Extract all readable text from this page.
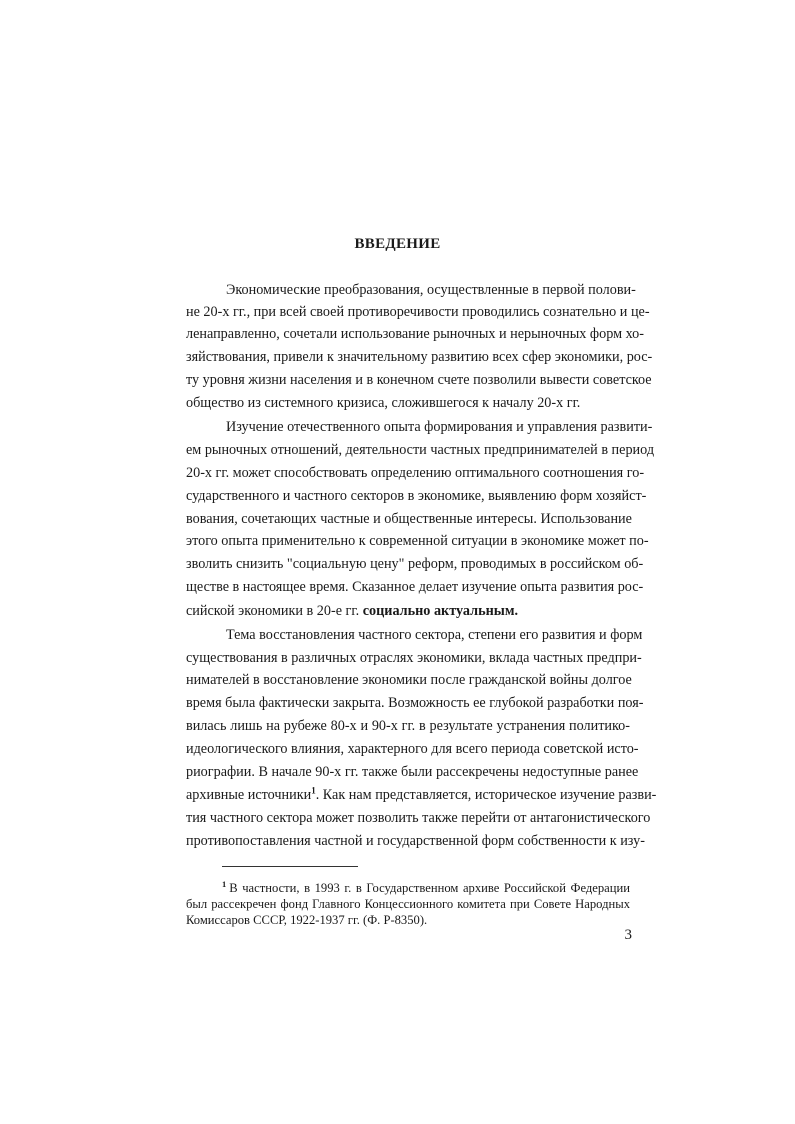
ВВЕДЕНИЕ
Экономические преобразования, осуществленные в первой полови-
не 20-х гг., при всей своей противоречивости проводились сознательно и це-
ленаправленно, сочетали использование рыночных и нерыночных форм хо-
зяйствования, привели к значительному развитию всех сфер экономики, рос-
ту уровня жизни населения и в конечном счете позволили вывести советское
общество из системного кризиса, сложившегося к началу 20-х гг.
Изучение отечественного опыта формирования и управления развити-
ем рыночных отношений, деятельности частных предпринимателей в период
20-х гг. может способствовать определению оптимального соотношения го-
сударственного и частного секторов в экономике, выявлению форм хозяйст-
вования, сочетающих частные и общественные интересы. Использование
этого опыта применительно к современной ситуации в экономике может по-
зволить снизить "социальную цену" реформ, проводимых в российском об-
ществе в настоящее время. Сказанное делает изучение опыта развития рос-
сийской экономики в 20-е гг. социально актуальным.
Тема восстановления частного сектора, степени его развития и форм
существования в различных отраслях экономики, вклада частных предпри-
нимателей в восстановление экономики после гражданской войны долгое
время была фактически закрыта. Возможность ее глубокой разработки поя-
вилась лишь на рубеже 80-х и 90-х гг. в результате устранения политико-
идеологического влияния, характерного для всего периода советской исто-
риографии. В начале 90-х гг. также были рассекречены недоступные ранее
архивные источники$^1$. Как нам представляется, историческое изучение разви-
тия частного сектора может позволить также перейти от антагонистического
противопоставления частной и государственной форм собственности к изу-
$^1$ В частности, в 1993 г. в Государственном архиве Российской Федерации
был рассекречен фонд Главного Концессионного комитета при Совете Народных
Комиссаров СССР, 1922-1937 гг. (Ф. Р-8350).
3
